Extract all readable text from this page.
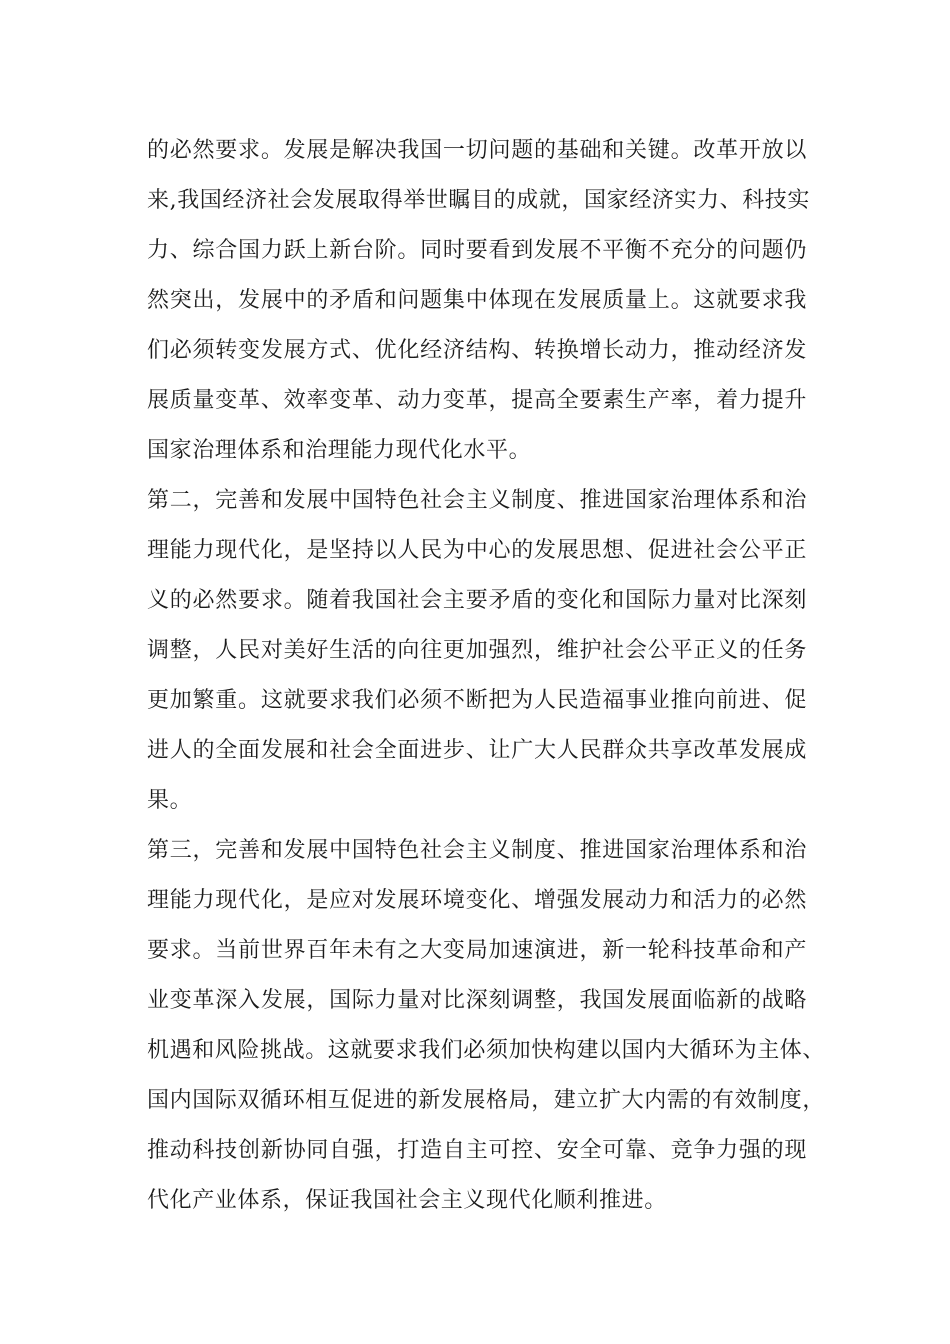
的必然要求。发展是解决我国一切问题的基础和关键。改革开放以
来,我国经济社会发展取得举世瞩目的成就，国家经济实力、科技实
力、综合国力跃上新台阶。同时要看到发展不平衡不充分的问题仍
然突出，发展中的矛盾和问题集中体现在发展质量上。这就要求我
们必须转变发展方式、优化经济结构、转换增长动力，推动经济发
展质量变革、效率变革、动力变革，提高全要素生产率，着力提升
国家治理体系和治理能力现代化水平。
第二，完善和发展中国特色社会主义制度、推进国家治理体系和治
理能力现代化，是坚持以人民为中心的发展思想、促进社会公平正
义的必然要求。随着我国社会主要矛盾的变化和国际力量对比深刻
调整，人民对美好生活的向往更加强烈，维护社会公平正义的任务
更加繁重。这就要求我们必须不断把为人民造福事业推向前进、促
进人的全面发展和社会全面进步、让广大人民群众共享改革发展成
果。
第三，完善和发展中国特色社会主义制度、推进国家治理体系和治
理能力现代化，是应对发展环境变化、增强发展动力和活力的必然
要求。当前世界百年未有之大变局加速演进，新一轮科技革命和产
业变革深入发展，国际力量对比深刻调整，我国发展面临新的战略
机遇和风险挑战。这就要求我们必须加快构建以国内大循环为主体、
国内国际双循环相互促进的新发展格局，建立扩大内需的有效制度，
推动科技创新协同自强，打造自主可控、安全可靠、竞争力强的现
代化产业体系，保证我国社会主义现代化顺利推进。
